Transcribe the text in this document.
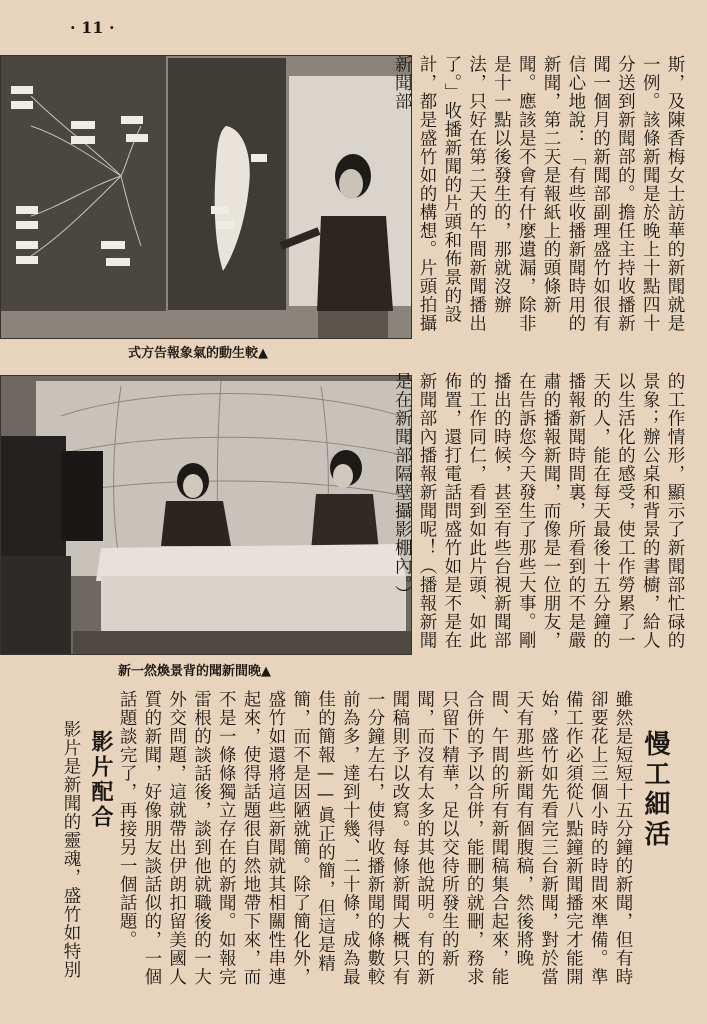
· 11 ·
式方告報象氣的動生較▲
新一然煥景背的聞新間晚▲
斯，及陳香梅女士訪華的新聞就是一例。該條新聞是於晚上十點四十分送到新聞部的。擔任主持收播新聞一個月的新聞部副理盛竹如很有信心地說：「有些收播新聞時用的新聞，第二天是報紙上的頭條新聞。應該是不會有什麼遺漏，除非是十一點以後發生的，那就沒辦法，只好在第二天的午間新聞播出了。」收播新聞的片頭和佈景的設計，都是盛竹如的構想。片頭拍攝新聞部
的工作情形，顯示了新聞部忙碌的景象；辦公桌和背景的書櫥，給人以生活化的感受，使工作勞累了一天的人，能在每天最後十五分鐘的播報新聞時間裏，所看到的不是嚴肅的播報新聞，而像是一位朋友，在告訴您今天發生了那些大事。剛播出的時候，甚至有些台視新聞部的工作同仁，看到如此片頭、如此佈置，還打電話問盛竹如是不是在新聞部內播報新聞呢！（播報新聞是在新聞部隔壁攝影棚內。）
慢工細活
雖然是短短十五分鐘的新聞，但有時卻要花上三個小時的時間來準備。準備工作必須從八點鐘新聞播完才能開始，盛竹如先看完三台新聞，對於當天有那些新聞有個腹稿，然後將晚間、午間的所有新聞稿集合起來，能合併的予以合併，能刪的就刪，務求只留下精華，足以交待所發生的新聞，而沒有太多的其他說明。有的新聞稿則予以改寫。每條新聞大概只有一分鐘左右，使得收播新聞的條數較前為多，達到十幾、二十條，成為最佳的簡報——眞正的簡，但這是精簡，而不是因陋就簡。除了簡化外，盛竹如還將這些新聞就其相關性串連起來，使得話題很自然地帶下來，而不是一條條獨立存在的新聞。如報完雷根的談話後，談到他就職後的一大外交問題，這就帶出伊朗扣留美國人質的新聞，好像朋友談話似的，一個話題談完了，再接另一個話題。
影片配合
影片是新聞的靈魂，盛竹如特別
